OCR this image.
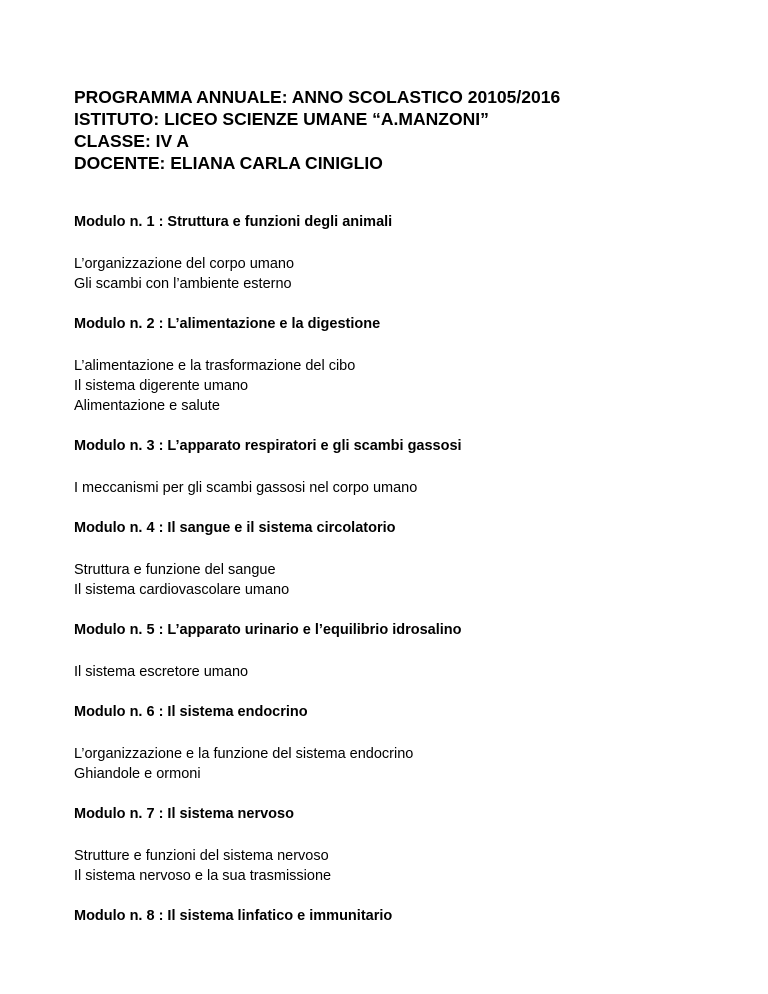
PROGRAMMA ANNUALE: ANNO SCOLASTICO 20105/2016

ISTITUTO: LICEO SCIENZE UMANE “A.MANZONI”

CLASSE: IV A

DOCENTE: ELIANA CARLA CINIGLIO

Modulo n. 1 : Struttura e funzioni degli animali

L’organizzazione del corpo umano

Gli scambi con l’ambiente esterno

Modulo n. 2 : L’alimentazione e la digestione

L’alimentazione e la trasformazione del cibo

Il sistema digerente umano

Alimentazione e salute

Modulo n. 3 : L’apparato respiratori e gli scambi gassosi

I meccanismi per gli scambi gassosi nel corpo umano

Modulo n. 4 : Il sangue e il sistema circolatorio

Struttura e funzione del sangue

Il sistema cardiovascolare umano

Modulo n. 5 : L’apparato urinario e l’equilibrio idrosalino

Il sistema escretore umano

Modulo n. 6 : Il sistema endocrino

L’organizzazione e la funzione del sistema endocrino

Ghiandole e ormoni

Modulo n. 7 : Il sistema nervoso

Strutture e funzioni del sistema nervoso

Il sistema nervoso e la sua trasmissione

Modulo n. 8 : Il sistema linfatico e immunitario
